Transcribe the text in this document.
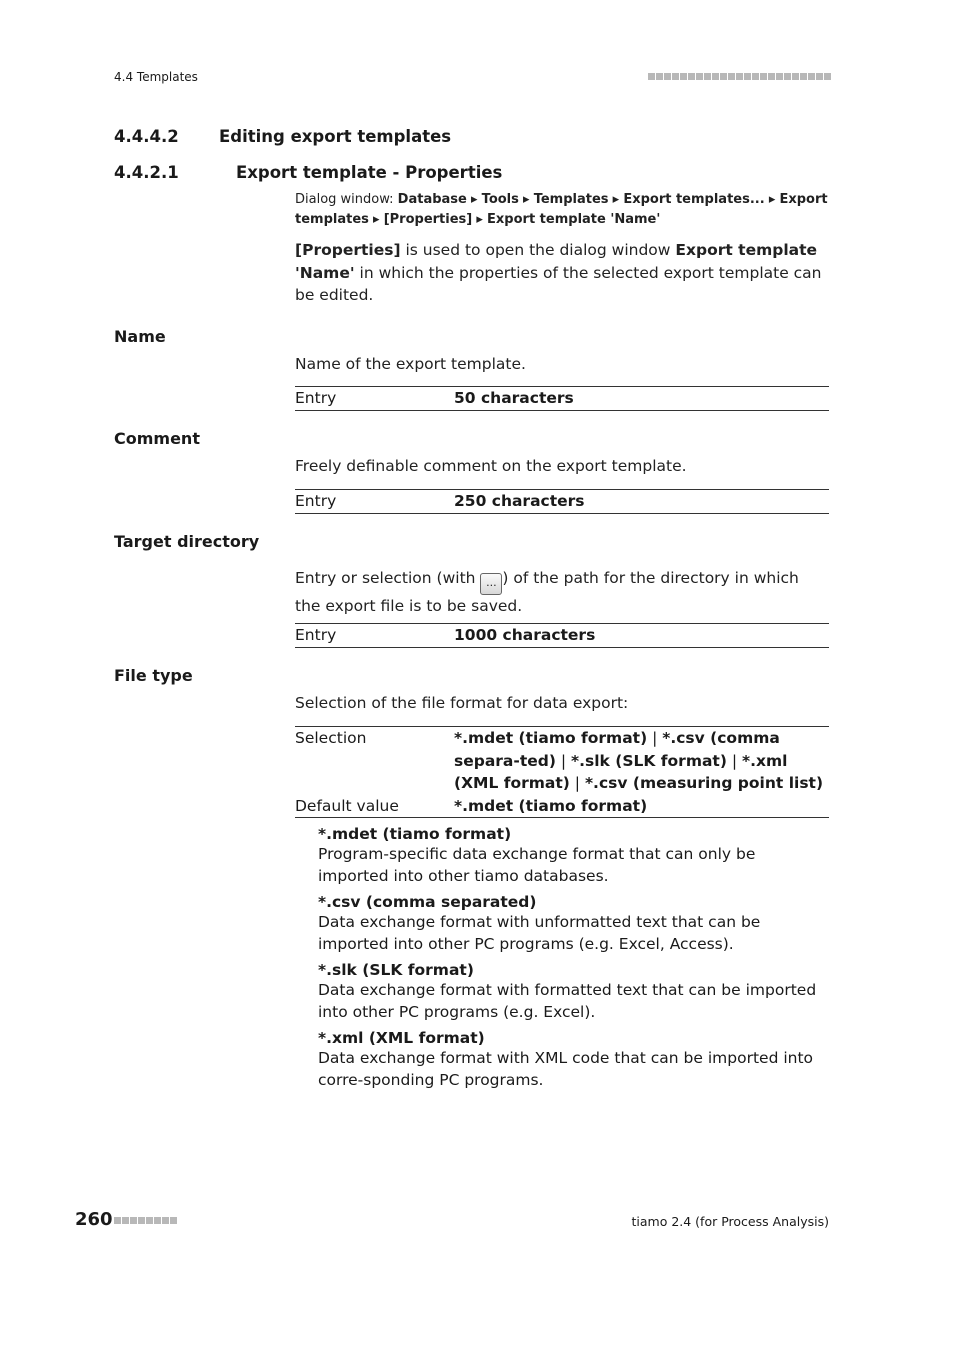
4.4 Templates
4.4.4.2 Editing export templates
4.4.2.1	Export template - Properties
Dialog window: Database ▸ Tools ▸ Templates ▸ Export templates... ▸ Export templates ▸ [Properties] ▸ Export template 'Name'
[Properties] is used to open the dialog window Export template 'Name' in which the properties of the selected export template can be edited.
Name
Name of the export template.
Entry	50 characters
Comment
Freely definable comment on the export template.
Entry	250 characters
Target directory
Entry or selection (with ... ) of the path for the directory in which the export file is to be saved.
Entry	1000 characters
File type
Selection of the file format for data export:
Selection	*.mdet (tiamo format) | *.csv (comma separa-ted) | *.slk (SLK format) | *.xml (XML format) | *.csv (measuring point list)
Default value	*.mdet (tiamo format)
*.mdet (tiamo format)
Program-specific data exchange format that can only be imported into other tiamo databases.
*.csv (comma separated)
Data exchange format with unformatted text that can be imported into other PC programs (e.g. Excel, Access).
*.slk (SLK format)
Data exchange format with formatted text that can be imported into other PC programs (e.g. Excel).
*.xml (XML format)
Data exchange format with XML code that can be imported into corre-sponding PC programs.
260	tiamo 2.4 (for Process Analysis)
